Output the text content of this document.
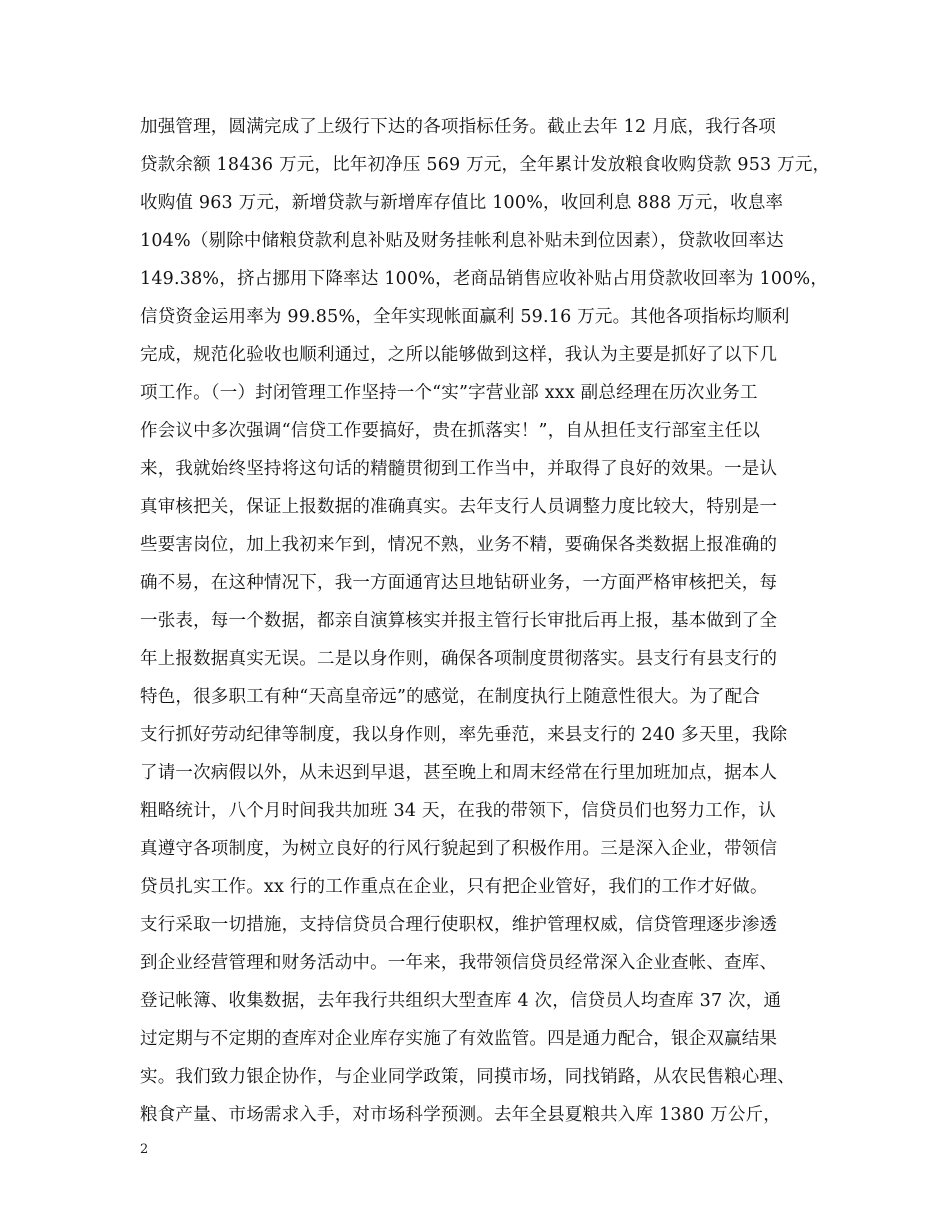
加强管理，圆满完成了上级行下达的各项指标任务。截止去年 12 月底，我行各项
贷款余额 18436 万元，比年初净压 569 万元，全年累计发放粮食收购贷款 953 万元，
收购值 963 万元，新增贷款与新增库存值比 100%，收回利息 888 万元，收息率
104%（剔除中储粮贷款利息补贴及财务挂帐利息补贴未到位因素），贷款收回率达
149.38%，挤占挪用下降率达 100%，老商品销售应收补贴占用贷款收回率为 100%，
信贷资金运用率为 99.85%，全年实现帐面赢利 59.16 万元。其他各项指标均顺利
完成，规范化验收也顺利通过，之所以能够做到这样，我认为主要是抓好了以下几
项工作。（一）封闭管理工作坚持一个“实”字营业部 xxx 副总经理在历次业务工
作会议中多次强调“信贷工作要搞好，贵在抓落实！”，自从担任支行部室主任以
来，我就始终坚持将这句话的精髓贯彻到工作当中，并取得了良好的效果。一是认
真审核把关，保证上报数据的准确真实。去年支行人员调整力度比较大，特别是一
些要害岗位，加上我初来乍到，情况不熟，业务不精，要确保各类数据上报准确的
确不易，在这种情况下，我一方面通宵达旦地钻研业务，一方面严格审核把关，每
一张表，每一个数据，都亲自演算核实并报主管行长审批后再上报，基本做到了全
年上报数据真实无误。二是以身作则，确保各项制度贯彻落实。县支行有县支行的
特色，很多职工有种“天高皇帝远”的感觉，在制度执行上随意性很大。为了配合
支行抓好劳动纪律等制度，我以身作则，率先垂范，来县支行的 240 多天里，我除
了请一次病假以外，从未迟到早退，甚至晚上和周末经常在行里加班加点，据本人
粗略统计，八个月时间我共加班 34 天，在我的带领下，信贷员们也努力工作，认
真遵守各项制度，为树立良好的行风行貌起到了积极作用。三是深入企业，带领信
贷员扎实工作。xx 行的工作重点在企业，只有把企业管好，我们的工作才好做。
支行采取一切措施，支持信贷员合理行使职权，维护管理权威，信贷管理逐步渗透
到企业经营管理和财务活动中。一年来，我带领信贷员经常深入企业查帐、查库、
登记帐簿、收集数据，去年我行共组织大型查库 4 次，信贷员人均查库 37 次，通
过定期与不定期的查库对企业库存实施了有效监管。四是通力配合，银企双赢结果
实。我们致力银企协作，与企业同学政策，同摸市场，同找销路，从农民售粮心理、
粮食产量、市场需求入手，对市场科学预测。去年全县夏粮共入库 1380 万公斤，
2
